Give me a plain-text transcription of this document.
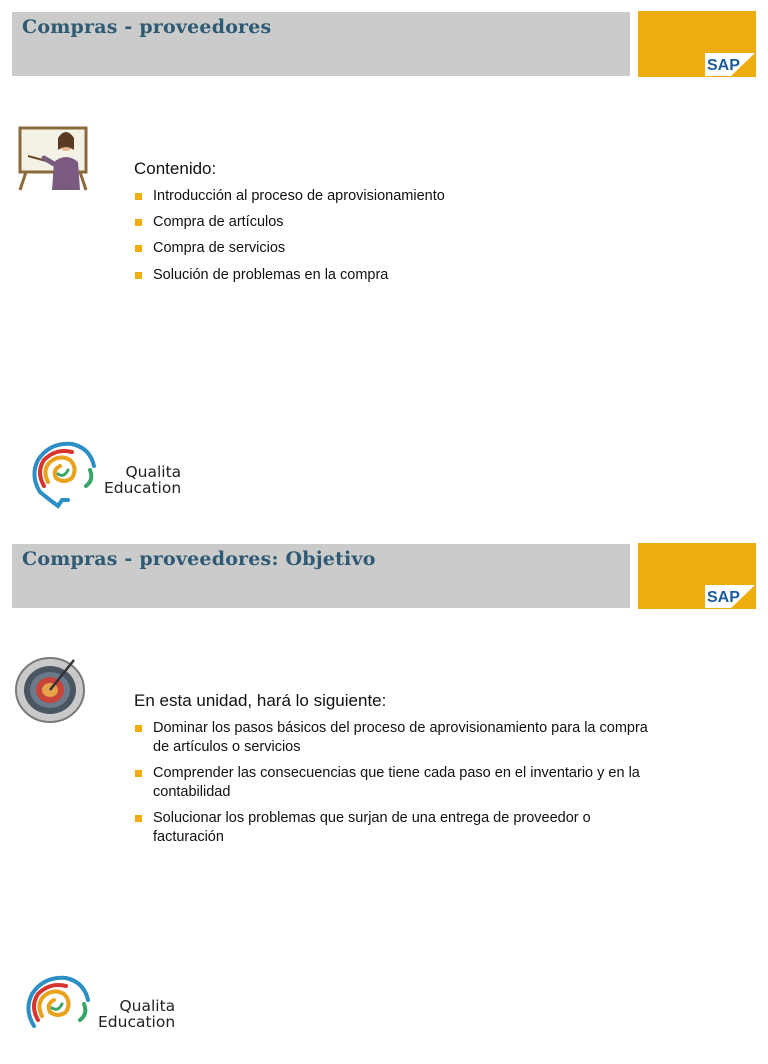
Compras - proveedores
SAP
Contenido:
Introducción al proceso de aprovisionamiento
Compra de artículos
Compra de servicios
Solución de problemas en la compra
Qualita
Education
Compras - proveedores: Objetivo
SAP
En esta unidad, hará lo siguiente:
Dominar los pasos básicos del proceso de aprovisionamiento para la compra de artículos o servicios
Comprender las consecuencias que tiene cada paso en el inventario y en la contabilidad
Solucionar los problemas que surjan de una entrega de proveedor o facturación
Qualita
Education
